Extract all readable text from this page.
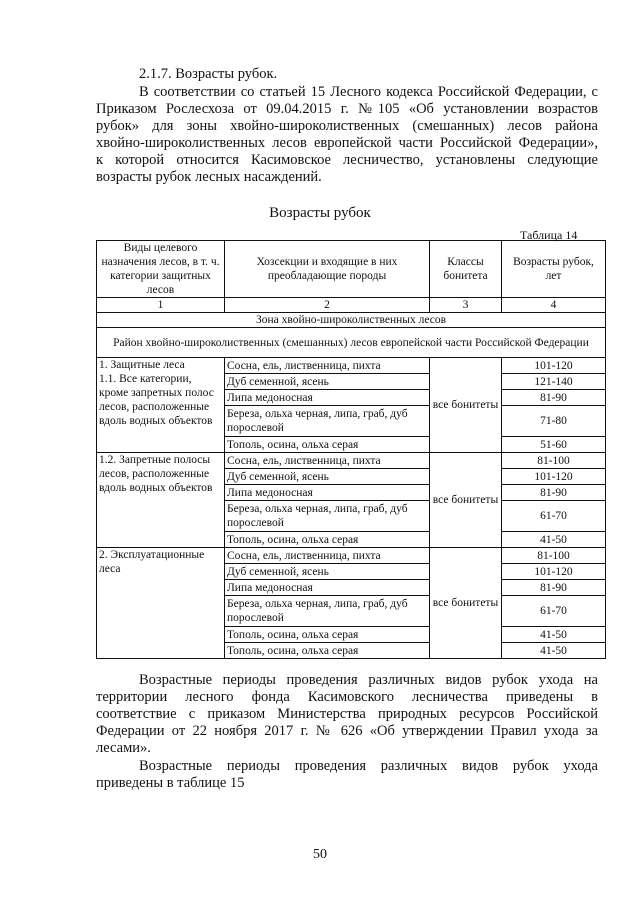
2.1.7. Возрасты рубок.
В соответствии со статьей 15 Лесного кодекса Российской Федерации, с
Приказом Рослесхоза от 09.04.2015 г. №105 «Об установлении возрастов
рубок» для зоны хвойно-широколиственных (смешанных) лесов района
хвойно-широколиственных лесов европейской части Российской Федерации»,
к которой относится Касимовское лесничество, установлены следующие
возрасты рубок лесных насаждений.
Возрасты рубок
Таблица 14
Виды целевого назначения лесов, в т. ч. категории защитных лесов	Хозсекции и входящие в них преобладающие породы	Классы бонитета	Возрасты рубок, лет
1	2	3	4
Зона хвойно-широколиственных лесов			
Район хвойно-широколиственных (смешанных) лесов европейской части Российской Федерации			

1. Защитные леса
1.1. Все категории, кроме запретных полос лесов, расположенные вдоль водных объектов	Сосна, ель, лиственница, пихта	все бонитеты	101-120
	Дуб семенной, ясень		121-140
	Липа медоносная		81-90
	Береза, ольха черная, липа, граб, дуб порослевой		71-80
	Тополь, осина, ольха серая		51-60

1.2. Запретные полосы лесов, расположенные вдоль водных объектов	Сосна, ель, лиственница, пихта	все бонитеты	81-100
	Дуб семенной, ясень		101-120
	Липа медоносная		81-90
	Береза, ольха черная, липа, граб, дуб порослевой		61-70
	Тополь, осина, ольха серая		41-50

2. Эксплуатационные леса	Сосна, ель, лиственница, пихта	все бонитеты	81-100
	Дуб семенной, ясень		101-120
	Липа медоносная		81-90
	Береза, ольха черная, липа, граб, дуб порослевой		61-70
	Тополь, осина, ольха серая		41-50
	Тополь, осина, ольха серая		41-50
Возрастные периоды проведения различных видов рубок ухода на
территории лесного фонда Касимовского лесничества приведены в
соответствие с приказом Министерства природных ресурсов Российской
Федерации от 22 ноября 2017 г. № 626 «Об утверждении Правил ухода за
лесами».
Возрастные периоды проведения различных видов рубок ухода
приведены в таблице 15
50
